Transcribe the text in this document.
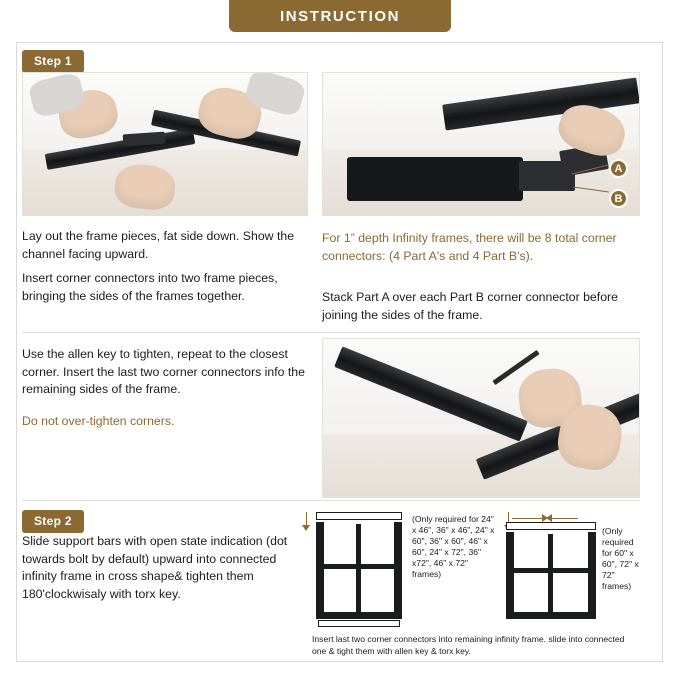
INSTRUCTION
Step 1
A
B
Lay out the frame pieces, fat side down. Show the channel facing upward.
Insert corner connectors into two frame pieces, bringing the sides of the frames together.
For 1” depth Infinity frames, there will be 8 total corner connectors: (4 Part A's and 4 Part B's).
Stack Part A over each Part B corner connector before joining the sides of the frame.
Use the allen key to tighten, repeat to the closest corner. Insert the last two corner connectors info the remaining sides of the frame.
Do not over-tighten corners.
Step 2
Slide support bars with open state indication (dot towards bolt by default) upward into connected infinity frame in cross shape& tighten them 180'clockwisaly with torx key.
(Only required for 24" x 46", 36" x 46", 24" x 60", 36" x 60", 46" x 60", 24" x 72", 36" x72", 46" x 72" frames)
(Only required for 60" x 60", 72" x 72" frames)
Insert last two corner connectors into remaining infinity frame. slide into connected one & tight them with allen key & torx key.
